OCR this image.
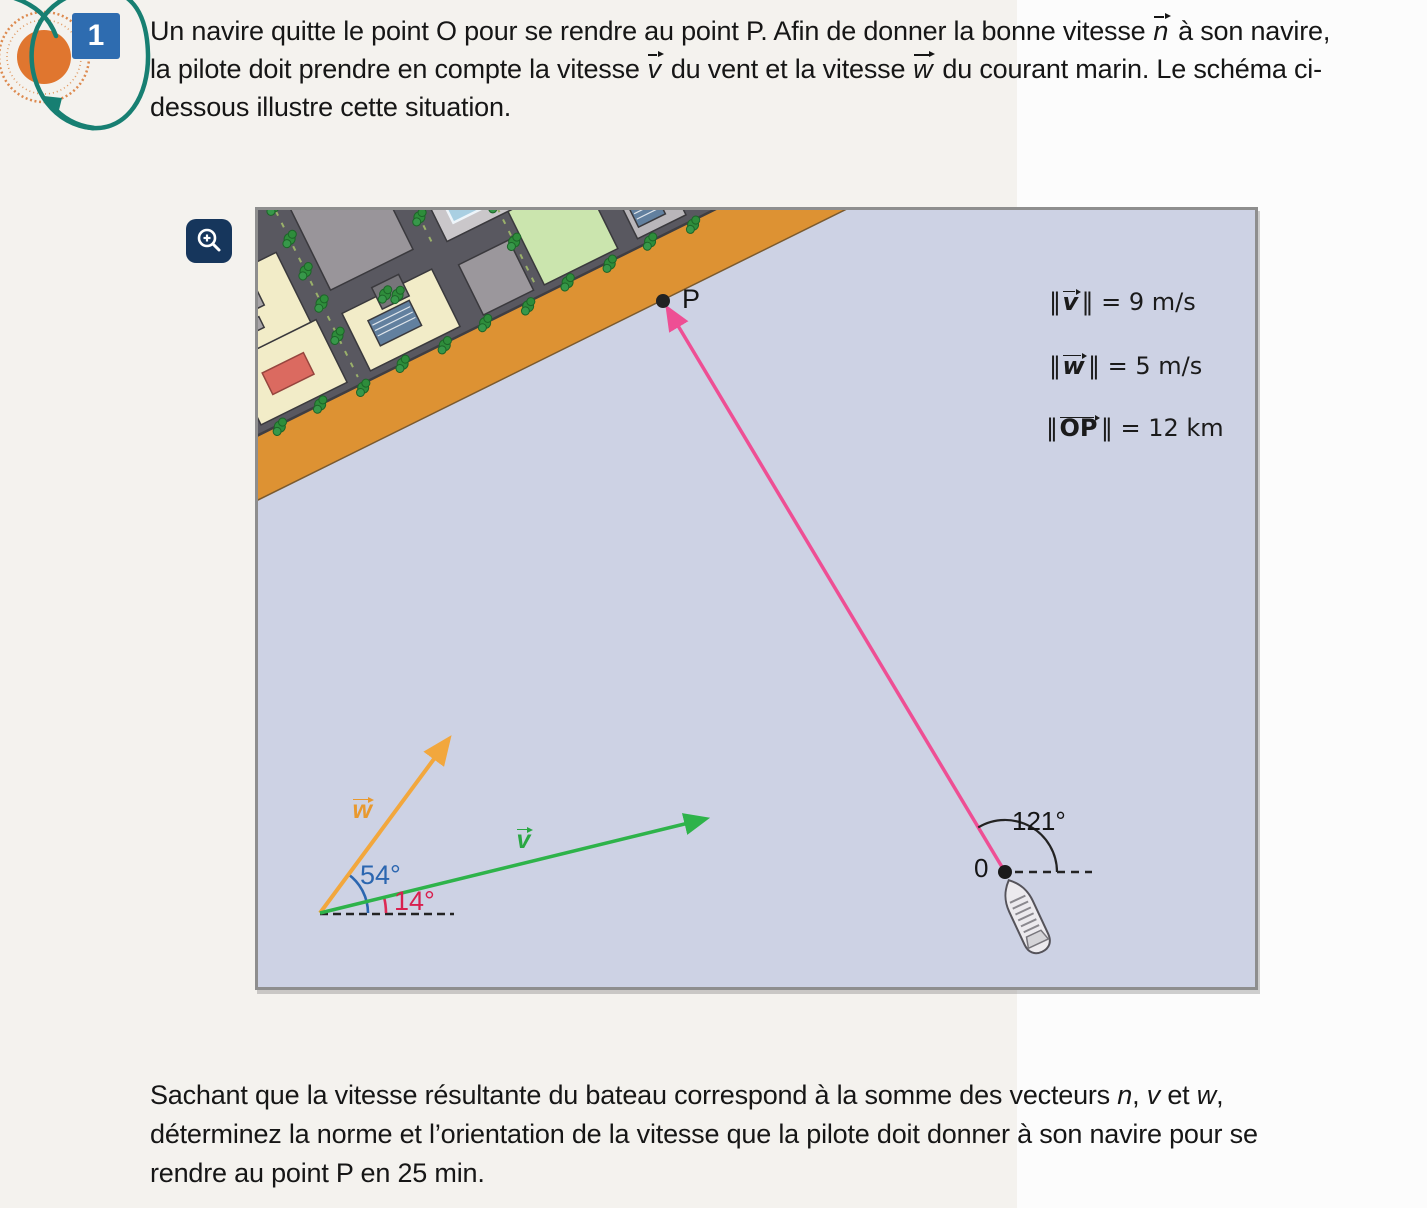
1	Un navire quitte le point O pour se rendre au point P. Afin de donner la bonne vitesse n à son navire, la pilote doit prendre en compte la vitesse v du vent et la vitesse w du courant marin. Le schéma ci-dessous illustre cette situation.
P
0
121°
54°
14°
w
v
‖v ‖ = 9 m/s
‖w ‖ = 5 m/s
‖OP ‖ = 12 km
Sachant que la vitesse résultante du bateau correspond à la somme des vecteurs n, v et w, déterminez la norme et l’orientation de la vitesse que la pilote doit donner à son navire pour se rendre au point P en 25 min.
